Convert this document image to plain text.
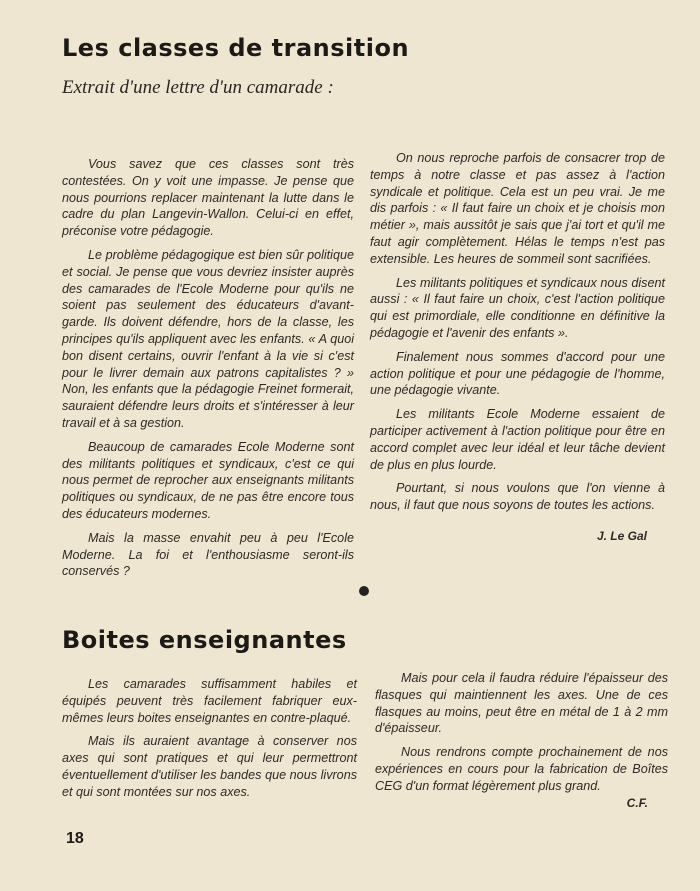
Les classes de transition
Extrait d'une lettre d'un camarade :

Vous savez que ces classes sont très contestées. On y voit une impasse. Je pense que nous pourrions replacer maintenant la lutte dans le cadre du plan Langevin-Wallon. Celui-ci en effet, préconise votre pédagogie.

Le problème pédagogique est bien sûr politique et social. Je pense que vous devriez insister auprès des camarades de l'Ecole Moderne pour qu'ils ne soient pas seulement des éducateurs d'avant-garde. Ils doivent défendre, hors de la classe, les principes qu'ils appliquent avec les enfants. « A quoi bon disent certains, ouvrir l'enfant à la vie si c'est pour le livrer demain aux patrons capitalistes ? » Non, les enfants que la pédagogie Freinet formerait, sauraient défendre leurs droits et s'intéresser à leur travail et à sa gestion.

Beaucoup de camarades Ecole Moderne sont des militants politiques et syndicaux, c'est ce qui nous permet de reprocher aux enseignants militants politiques ou syndicaux, de ne pas être encore tous des éducateurs modernes.

Mais la masse envahit peu à peu l'Ecole Moderne. La foi et l'enthousiasme seront-ils conservés ?

On nous reproche parfois de consacrer trop de temps à notre classe et pas assez à l'action syndicale et politique. Cela est un peu vrai. Je me dis parfois : « Il faut faire un choix et je choisis mon métier », mais aussitôt je sais que j'ai tort et qu'il me faut agir complètement. Hélas le temps n'est pas extensible. Les heures de sommeil sont sacrifiées.

Les militants politiques et syndicaux nous disent aussi : « Il faut faire un choix, c'est l'action politique qui est primordiale, elle conditionne en définitive la pédagogie et l'avenir des enfants ».

Finalement nous sommes d'accord pour une action politique et pour une pédagogie de l'homme, une pédagogie vivante.

Les militants Ecole Moderne essaient de participer activement à l'action politique pour être en accord complet avec leur idéal et leur tâche devient de plus en plus lourde.

Pourtant, si nous voulons que l'on vienne à nous, il faut que nous soyons de toutes les actions.

J. Le Gal
Boites enseignantes

Les camarades suffisamment habiles et équipés peuvent très facilement fabriquer eux-mêmes leurs boites enseignantes en contre-plaqué.

Mais ils auraient avantage à conserver nos axes qui sont pratiques et qui leur permettront éventuellement d'utiliser les bandes que nous livrons et qui sont montées sur nos axes.

Mais pour cela il faudra réduire l'épaisseur des flasques qui maintiennent les axes. Une de ces flasques au moins, peut être en métal de 1 à 2 mm d'épaisseur.

Nous rendrons compte prochainement de nos expériences en cours pour la fabrication de Boîtes CEG d'un format légèrement plus grand.
C.F.

18
